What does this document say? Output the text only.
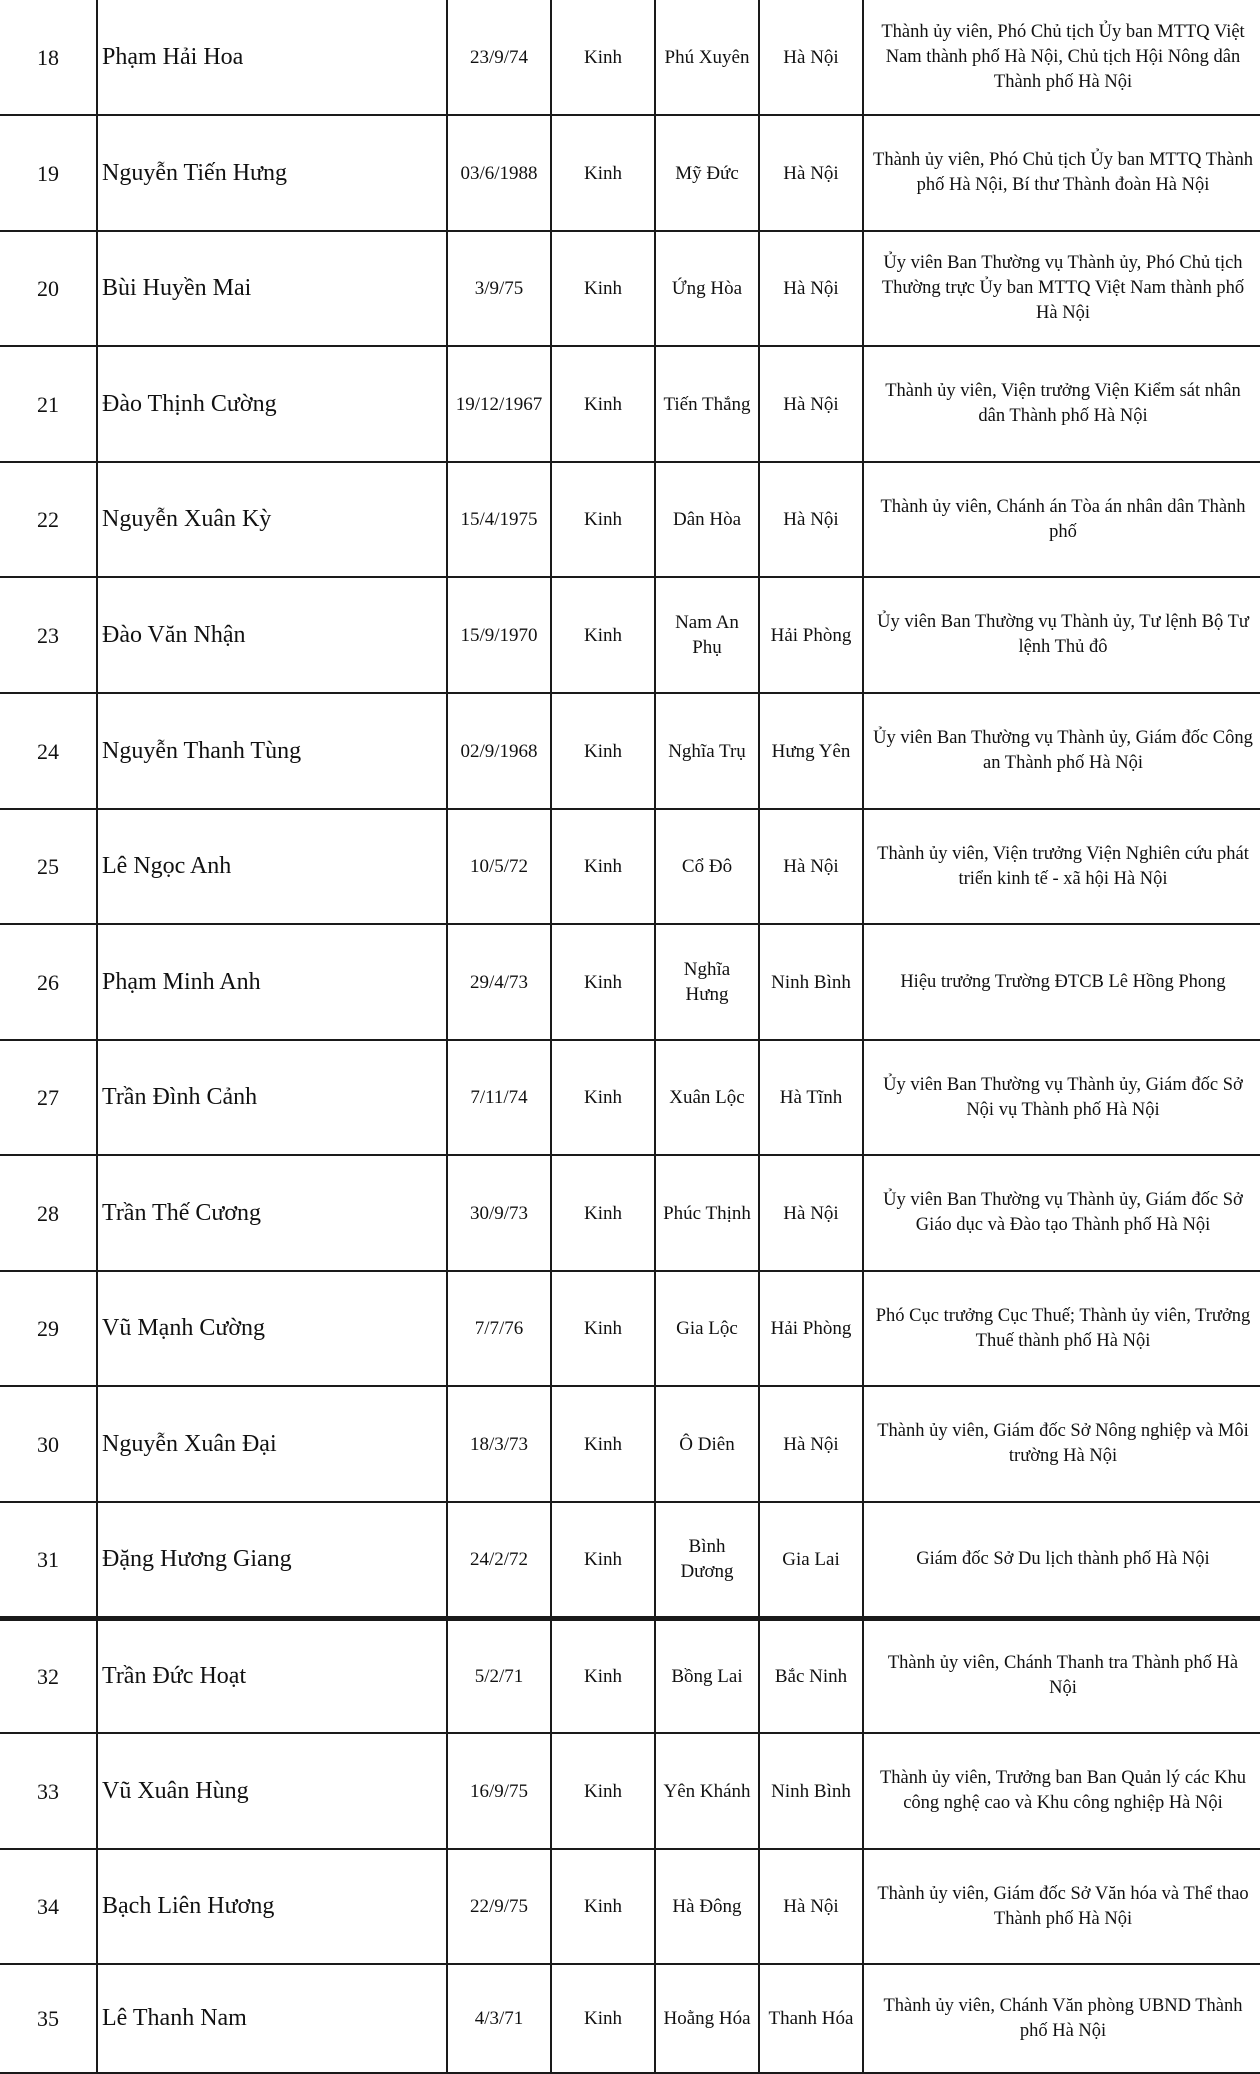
18	Phạm Hải Hoa	23/9/74	Kinh	Phú Xuyên	Hà Nội	Thành ủy viên, Phó Chủ tịch Ủy ban MTTQ Việt
Nam thành phố Hà Nội, Chủ tịch Hội Nông dân
Thành phố Hà Nội

19	Nguyễn Tiến Hưng	03/6/1988	Kinh	Mỹ Đức	Hà Nội	Thành ủy viên, Phó Chủ tịch Ủy ban MTTQ Thành
phố Hà Nội, Bí thư Thành đoàn Hà Nội

20	Bùi Huyền Mai	3/9/75	Kinh	Ứng Hòa	Hà Nội	Ủy viên Ban Thường vụ Thành ủy, Phó Chủ tịch
Thường trực Ủy ban MTTQ Việt Nam thành phố
Hà Nội

21	Đào Thịnh Cường	19/12/1967	Kinh	Tiến Thắng	Hà Nội	Thành ủy viên, Viện trưởng Viện Kiểm sát nhân
dân Thành phố Hà Nội

22	Nguyễn Xuân Kỳ	15/4/1975	Kinh	Dân Hòa	Hà Nội	Thành ủy viên, Chánh án Tòa án nhân dân Thành
phố

23	Đào Văn Nhận	15/9/1970	Kinh	Nam An Phụ	Hải Phòng	Ủy viên Ban Thường vụ Thành ủy, Tư lệnh Bộ Tư
lệnh Thủ đô

24	Nguyễn Thanh Tùng	02/9/1968	Kinh	Nghĩa Trụ	Hưng Yên	Ủy viên Ban Thường vụ Thành ủy, Giám đốc Công
an Thành phố Hà Nội

25	Lê Ngọc Anh	10/5/72	Kinh	Cổ Đô	Hà Nội	Thành ủy viên, Viện trưởng Viện Nghiên cứu phát
triển kinh tế - xã hội Hà Nội

26	Phạm Minh Anh	29/4/73	Kinh	Nghĩa Hưng	Ninh Bình	Hiệu trưởng Trường ĐTCB Lê Hồng Phong

27	Trần Đình Cảnh	7/11/74	Kinh	Xuân Lộc	Hà Tĩnh	Ủy viên Ban Thường vụ Thành ủy, Giám đốc Sở
Nội vụ Thành phố Hà Nội

28	Trần Thế Cương	30/9/73	Kinh	Phúc Thịnh	Hà Nội	Ủy viên Ban Thường vụ Thành ủy, Giám đốc Sở
Giáo dục và Đào tạo Thành phố Hà Nội

29	Vũ Mạnh Cường	7/7/76	Kinh	Gia Lộc	Hải Phòng	Phó Cục trưởng Cục Thuế; Thành ủy viên, Trưởng
Thuế thành phố Hà Nội

30	Nguyễn Xuân Đại	18/3/73	Kinh	Ô Diên	Hà Nội	Thành ủy viên, Giám đốc Sở Nông nghiệp và Môi
trường Hà Nội

31	Đặng Hương Giang	24/2/72	Kinh	Bình Dương	Gia Lai	Giám đốc Sở Du lịch thành phố Hà Nội

32	Trần Đức Hoạt	5/2/71	Kinh	Bồng Lai	Bắc Ninh	Thành ủy viên, Chánh Thanh tra Thành phố Hà
Nội

33	Vũ Xuân Hùng	16/9/75	Kinh	Yên Khánh	Ninh Bình	Thành ủy viên, Trưởng ban Ban Quản lý các Khu
công nghệ cao và Khu công nghiệp Hà Nội

34	Bạch Liên Hương	22/9/75	Kinh	Hà Đông	Hà Nội	Thành ủy viên, Giám đốc Sở Văn hóa và Thể thao
Thành phố Hà Nội

35	Lê Thanh Nam	4/3/71	Kinh	Hoằng Hóa	Thanh Hóa	Thành ủy viên, Chánh Văn phòng UBND Thành
phố Hà Nội
